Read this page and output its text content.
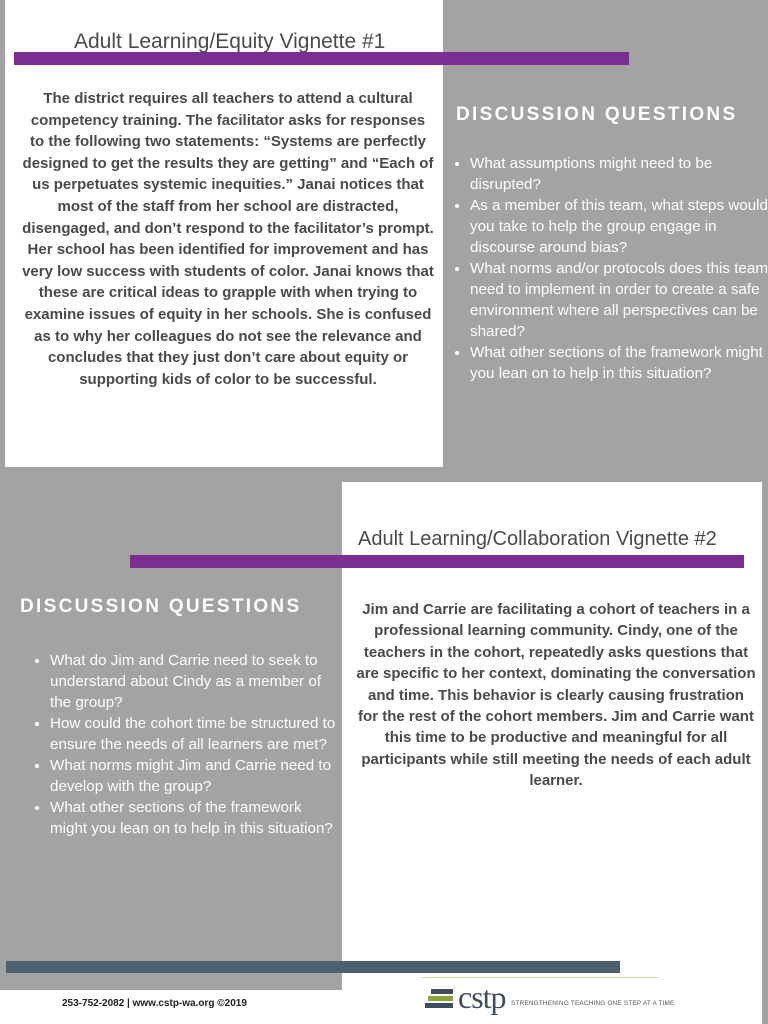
Adult Learning/Equity Vignette #1

The district requires all teachers to attend a cultural competency training. The facilitator asks for responses to the following two statements: “Systems are perfectly designed to get the results they are getting” and “Each of us perpetuates systemic inequities.” Janai notices that most of the staff from her school are distracted, disengaged, and don’t respond to the facilitator’s prompt. Her school has been identified for improvement and has very low success with students of color. Janai knows that these are critical ideas to grapple with when trying to examine issues of equity in her schools. She is confused as to why her colleagues do not see the relevance and concludes that they just don’t care about equity or supporting kids of color to be successful.

DISCUSSION QUESTIONS
• What assumptions might need to be disrupted?
• As a member of this team, what steps would you take to help the group engage in discourse around bias?
• What norms and/or protocols does this team need to implement in order to create a safe environment where all perspectives can be shared?
• What other sections of the framework might you lean on to help in this situation?
Adult Learning/Collaboration Vignette #2

Jim and Carrie are facilitating a cohort of teachers in a professional learning community. Cindy, one of the teachers in the cohort, repeatedly asks questions that are specific to her context, dominating the conversation and time. This behavior is clearly causing frustration for the rest of the cohort members. Jim and Carrie want this time to be productive and meaningful for all participants while still meeting the needs of each adult learner.

DISCUSSION QUESTIONS
• What do Jim and Carrie need to seek to understand about Cindy as a member of the group?
• How could the cohort time be structured to ensure the needs of all learners are met?
• What norms might Jim and Carrie need to develop with the group?
• What other sections of the framework might you lean on to help in this situation?
253-752-2082 | www.cstp-wa.org ©2019	cstp STRENGTHENING TEACHING ONE STEP AT A TIME
